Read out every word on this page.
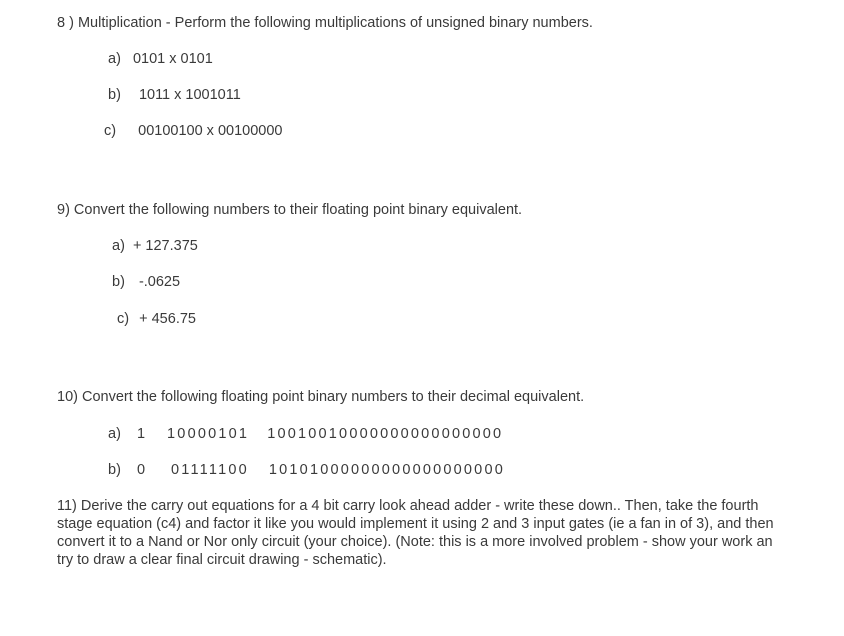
8 ) Multiplication - Perform the following multiplications of unsigned binary numbers.
a) 0101 x 0101
b) 1011 x 1001011
c) 00100100 x 00100000
9) Convert the following numbers to their floating point binary equivalent.
a) + 127.375
b) -.0625
c) + 456.75
10) Convert the following floating point binary numbers to their decimal equivalent.
a) 1 10000101 10010010000000000000000
b) 0 01111100 10101000000000000000000
11) Derive the carry out equations for a 4 bit carry look ahead adder - write these down.. Then, take the fourth stage equation (c4) and factor it like you would implement it using 2 and 3 input gates (ie a fan in of 3), and then convert it to a Nand or Nor only circuit (your choice). (Note: this is a more involved problem - show your work an try to draw a clear final circuit drawing - schematic).
